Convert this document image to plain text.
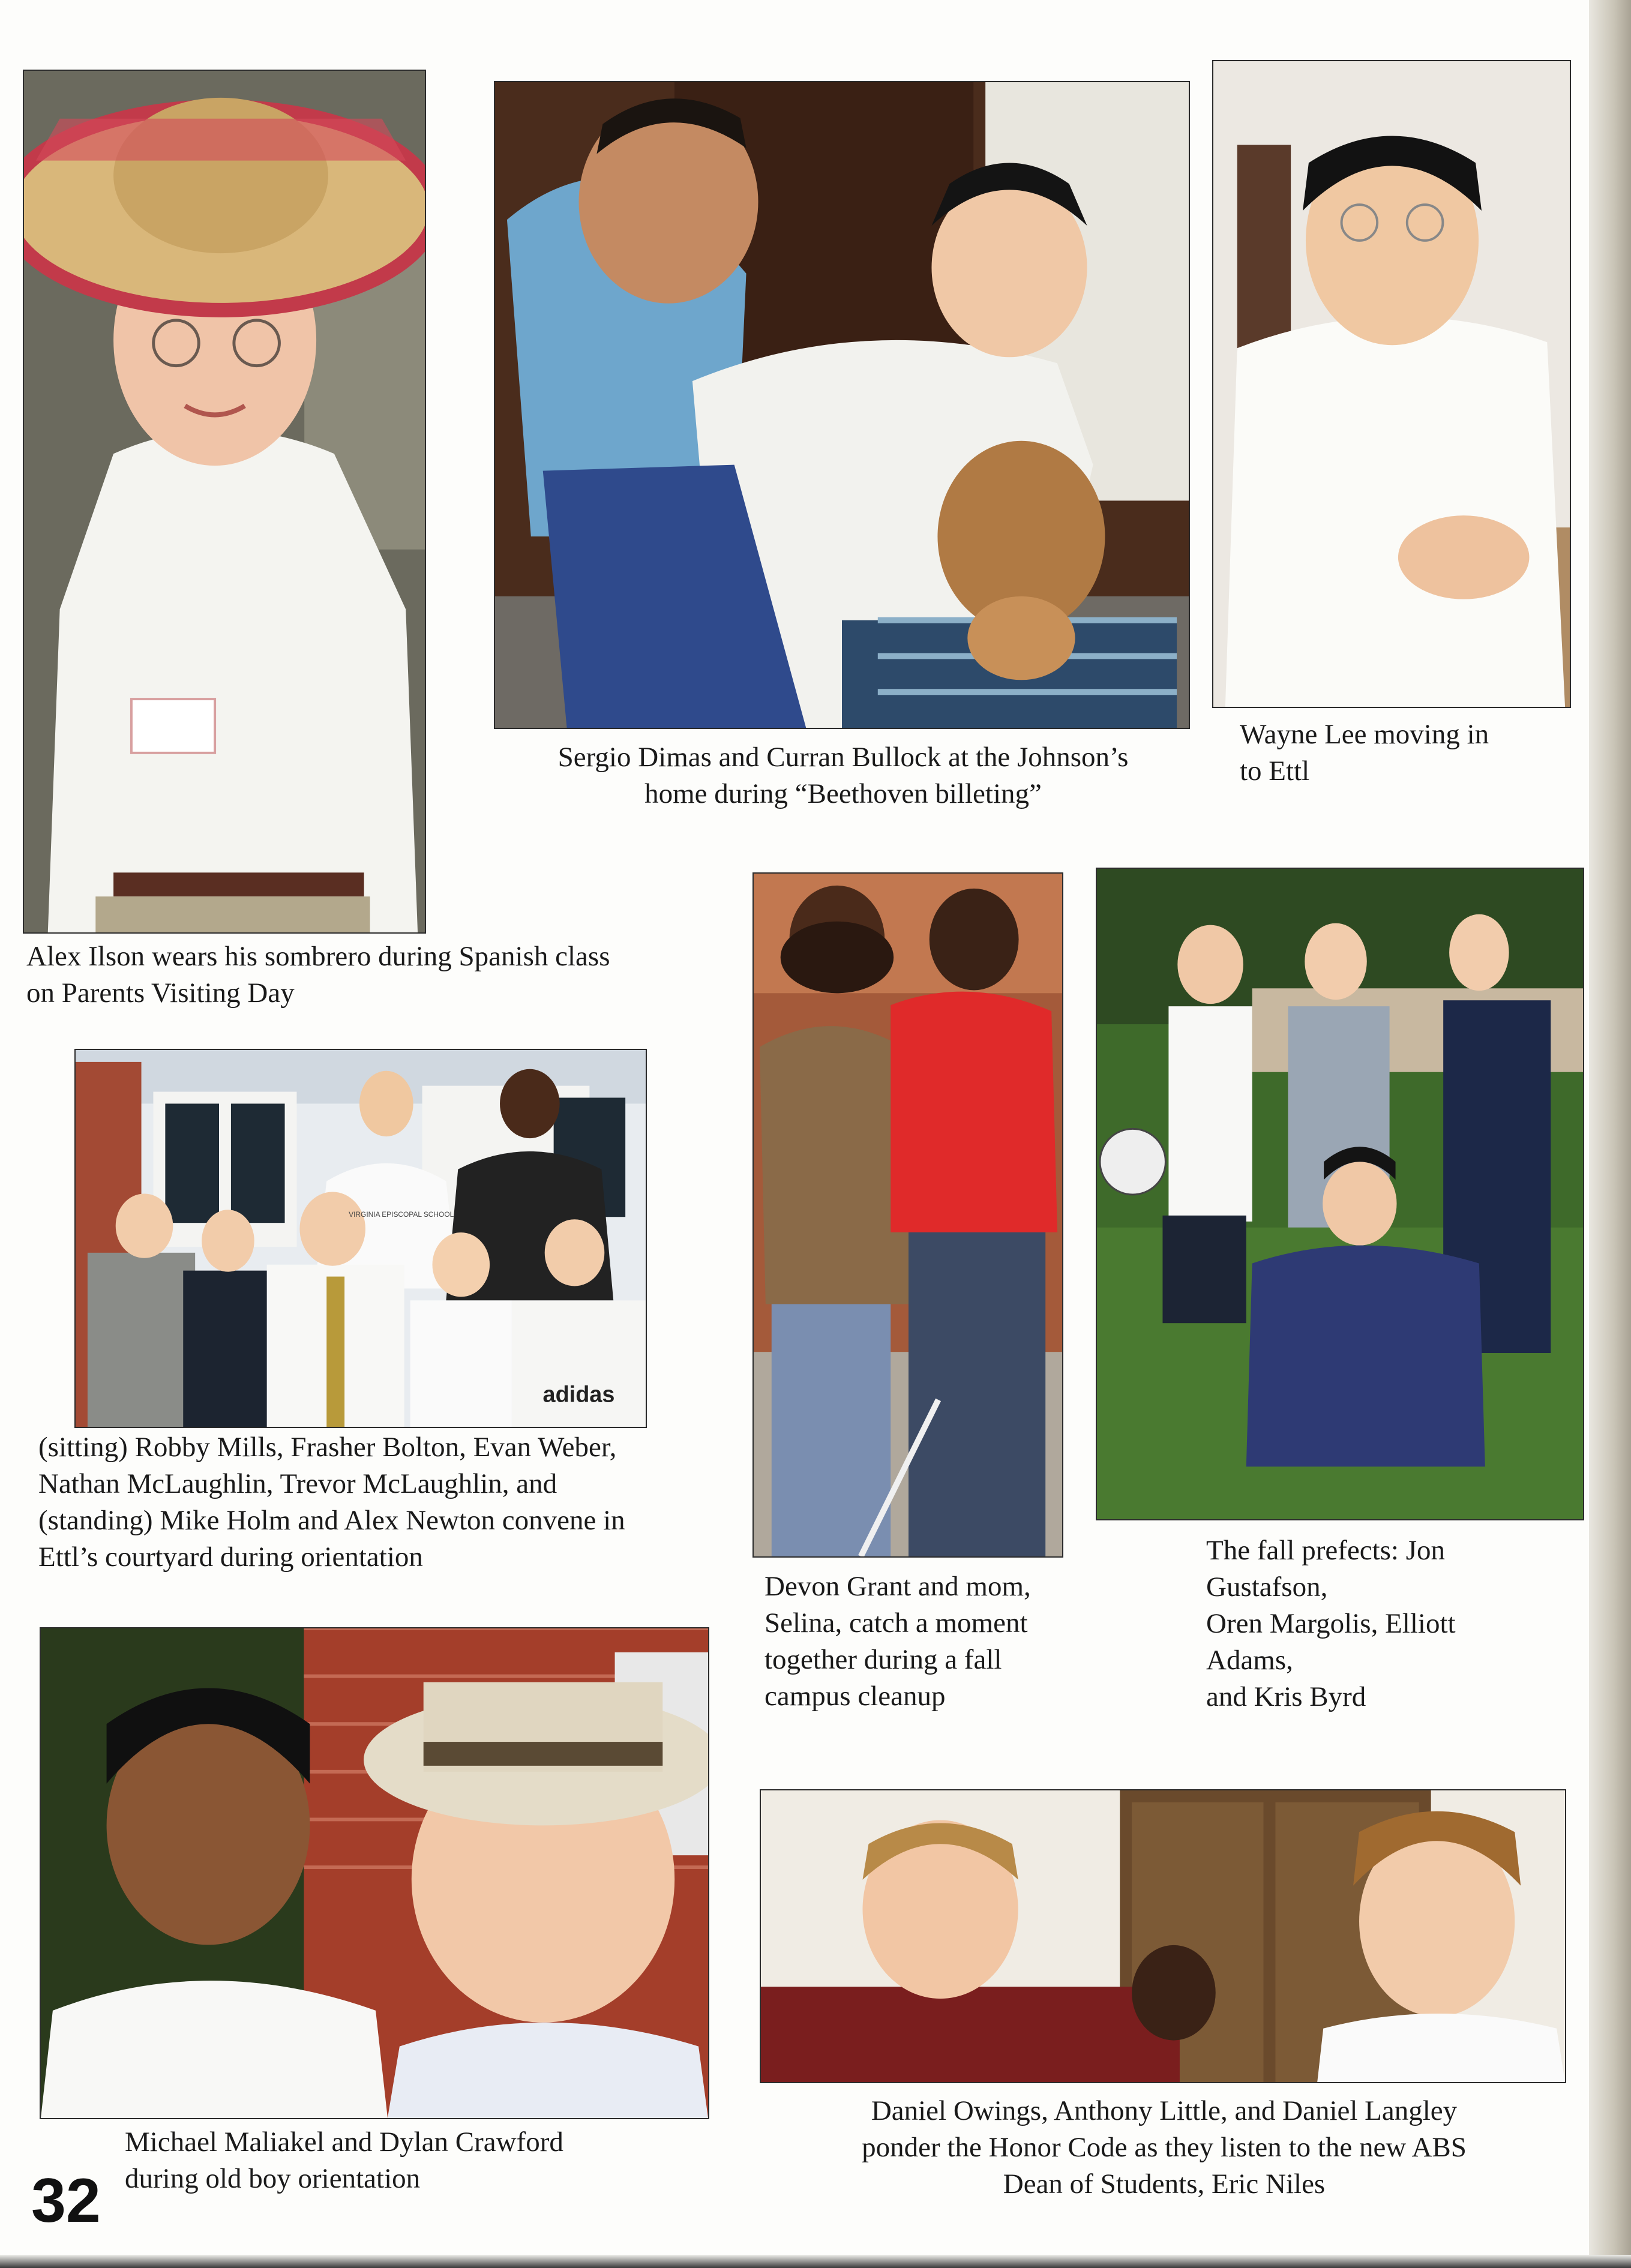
adidas
VIRGINIA EPISCOPAL SCHOOL
Alex Ilson wears his sombrero during Spanish class
on Parents Visiting Day
Sergio Dimas and Curran Bullock at the Johnson’s
home during “Beethoven billeting”
Wayne Lee moving in
to Ettl
(sitting) Robby Mills, Frasher Bolton, Evan Weber,
Nathan McLaughlin, Trevor McLaughlin, and
(standing) Mike Holm and Alex Newton convene in
Ettl’s courtyard during orientation
Devon Grant and mom,
Selina, catch a moment
together during a fall
campus cleanup
The fall prefects: Jon
Gustafson,
Oren Margolis, Elliott
Adams,
and Kris Byrd
Michael Maliakel and Dylan Crawford
during old boy orientation
Daniel Owings, Anthony Little, and Daniel Langley
ponder the Honor Code as they listen to the new ABS
Dean of Students, Eric Niles
32
